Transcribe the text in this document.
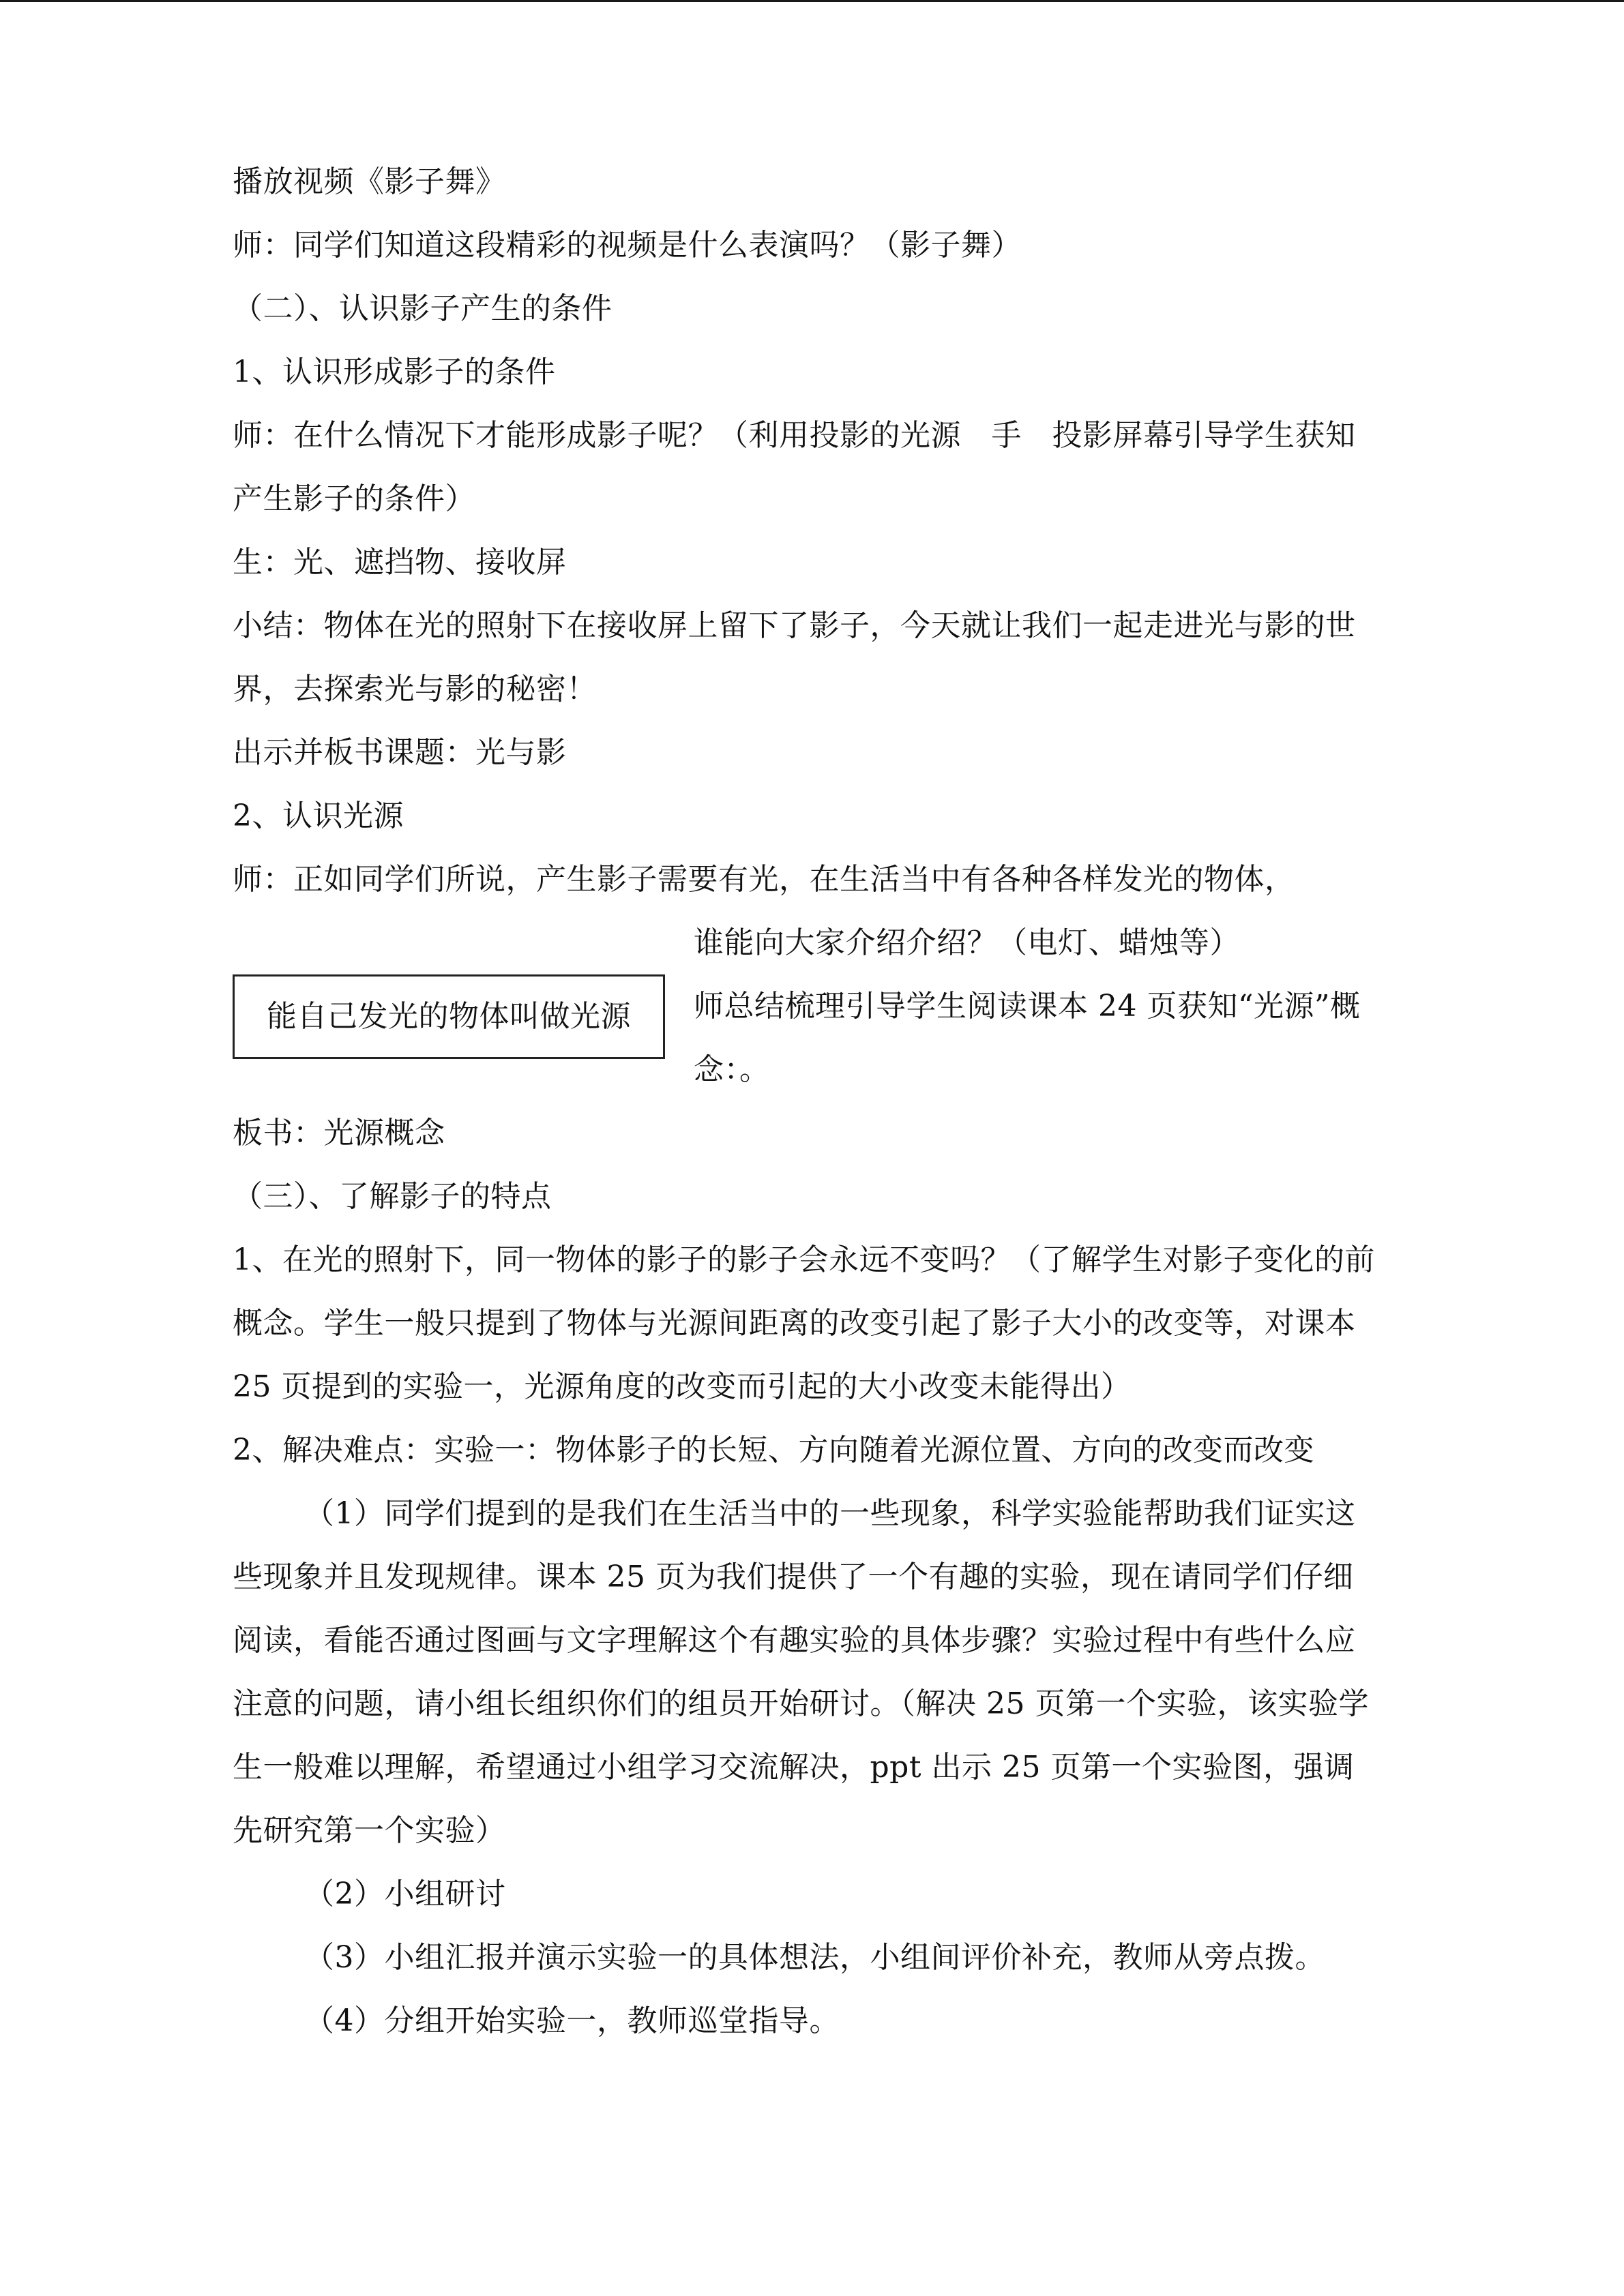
播放视频《影子舞》

师：同学们知道这段精彩的视频是什么表演吗？（影子舞）

（二）、认识影子产生的条件

1、认识形成影子的条件

师：在什么情况下才能形成影子呢？（利用投影的光源　手　投影屏幕引导学生获知产生影子的条件）

生：光、遮挡物、接收屏

小结：物体在光的照射下在接收屏上留下了影子，今天就让我们一起走进光与影的世界，去探索光与影的秘密！

出示并板书课题：光与影

2、认识光源

师：正如同学们所说，产生影子需要有光，在生活当中有各种各样发光的物体，

能自己发光的物体叫做光源

谁能向大家介绍介绍？（电灯、蜡烛等）

师总结梳理引导学生阅读课本 24 页获知“光源”概念：。

板书：光源概念

（三）、了解影子的特点

1、在光的照射下，同一物体的影子的影子会永远不变吗？（了解学生对影子变化的前概念。学生一般只提到了物体与光源间距离的改变引起了影子大小的改变等，对课本 25 页提到的实验一，光源角度的改变而引起的大小改变未能得出）

2、解决难点：实验一：物体影子的长短、方向随着光源位置、方向的改变而改变

（1）同学们提到的是我们在生活当中的一些现象，科学实验能帮助我们证实这些现象并且发现规律。课本 25 页为我们提供了一个有趣的实验，现在请同学们仔细阅读，看能否通过图画与文字理解这个有趣实验的具体步骤？实验过程中有些什么应注意的问题，请小组长组织你们的组员开始研讨。（解决 25 页第一个实验，该实验学生一般难以理解，希望通过小组学习交流解决，ppt 出示 25 页第一个实验图，强调先研究第一个实验）

（2）小组研讨

（3）小组汇报并演示实验一的具体想法，小组间评价补充，教师从旁点拨。

（4）分组开始实验一，教师巡堂指导。
